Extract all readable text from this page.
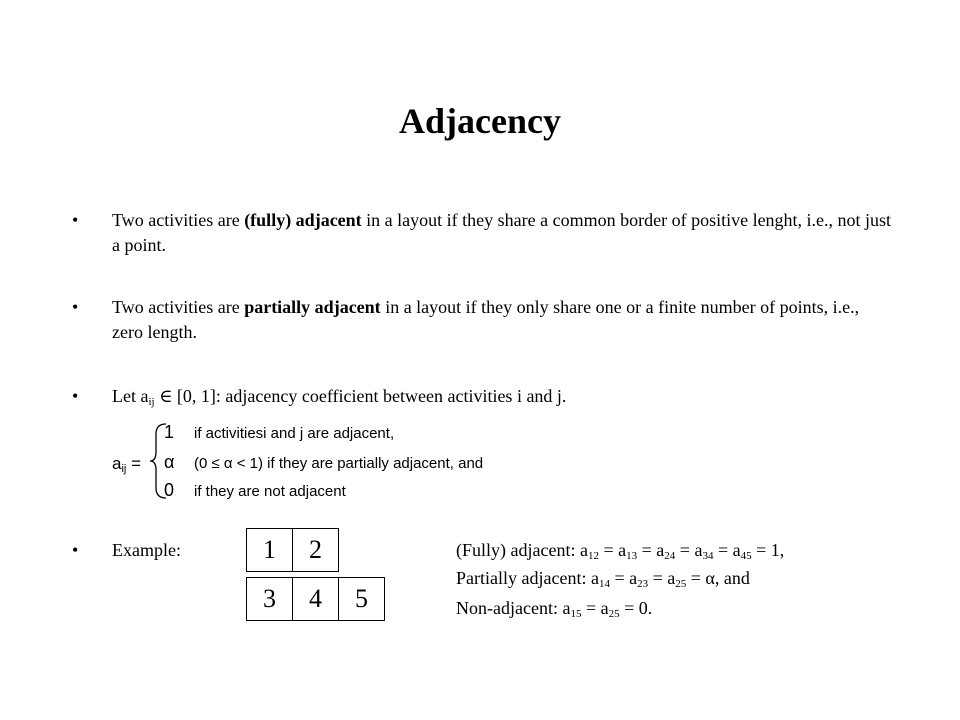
Adjacency
•	Two activities are (fully) adjacent in a layout if they share a common border of positive lenght, i.e., not just a point.
•	Two activities are partially adjacent in a layout if they only share one or a finite number of points, i.e., zero length.
•	Let $a_{ij}$ ∈ [0, 1]: adjacency coefficient between activities i and j.
$a_{ij}$ =
1 if activitiesi and j are adjacent,
α (0 ≤ α < 1) if they are partially adjacent, and
0 if they are not adjacent
•	Example:	1	2
3	4	5
(Fully) adjacent: $a_{12} = a_{13} = a_{24} = a_{34} = a_{45} = 1$,
Partially adjacent: $a_{14} = a_{23} = a_{25} = \alpha$, and
Non-adjacent: $a_{15} = a_{25} = 0$.
